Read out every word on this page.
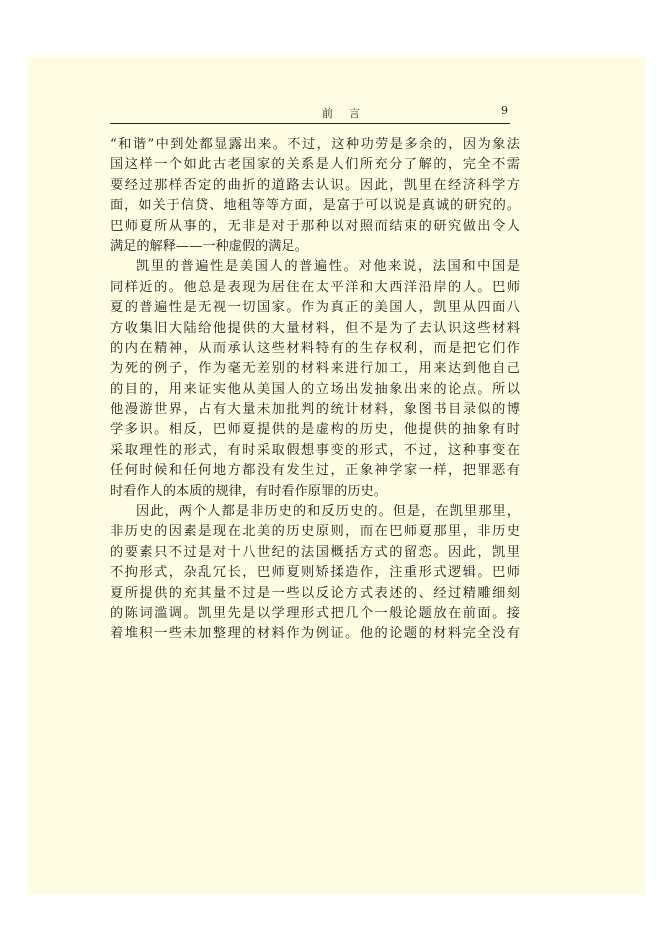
前言	9
“和谐”中到处都显露出来。不过，这种功劳是多余的，因为象法
国这样一个如此古老国家的关系是人们所充分了解的，完全不需
要经过那样否定的曲折的道路去认识。因此，凯里在经济科学方
面，如关于信贷、地租等等方面，是富于可以说是真诚的研究的。
巴师夏所从事的，无非是对于那种以对照而结束的研究做出令人
满足的解释——一种虚假的满足。
凯里的普遍性是美国人的普遍性。对他来说，法国和中国是
同样近的。他总是表现为居住在太平洋和大西洋沿岸的人。巴师
夏的普遍性是无视一切国家。作为真正的美国人，凯里从四面八
方收集旧大陆给他提供的大量材料，但不是为了去认识这些材料
的内在精神，从而承认这些材料特有的生存权利，而是把它们作
为死的例子，作为毫无差别的材料来进行加工，用来达到他自己
的目的，用来证实他从美国人的立场出发抽象出来的论点。所以
他漫游世界，占有大量未加批判的统计材料，象图书目录似的博
学多识。相反，巴师夏提供的是虚构的历史，他提供的抽象有时
采取理性的形式，有时采取假想事变的形式，不过，这种事变在
任何时候和任何地方都没有发生过，正象神学家一样，把罪恶有
时看作人的本质的规律，有时看作原罪的历史。
因此，两个人都是非历史的和反历史的。但是，在凯里那里，
非历史的因素是现在北美的历史原则，而在巴师夏那里，非历史
的要素只不过是对十八世纪的法国概括方式的留恋。因此，凯里
不拘形式，杂乱冗长，巴师夏则矫揉造作，注重形式逻辑。巴师
夏所提供的充其量不过是一些以反论方式表述的、经过精雕细刻
的陈词滥调。凯里先是以学理形式把几个一般论题放在前面。接
着堆积一些未加整理的材料作为例证。他的论题的材料完全没有
